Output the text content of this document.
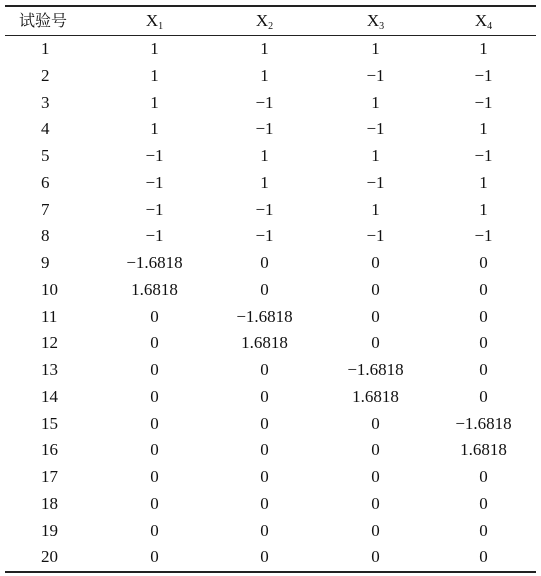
试验号	$X_1$	$X_2$	$X_3$	$X_4$
1	1	1	1	1
2	1	1	−1	−1
3	1	−1	1	−1
4	1	−1	−1	1
5	−1	1	1	−1
6	−1	1	−1	1
7	−1	−1	1	1
8	−1	−1	−1	−1
9	−1.6818	0	0	0
10	1.6818	0	0	0
11	0	−1.6818	0	0
12	0	1.6818	0	0
13	0	0	−1.6818	0
14	0	0	1.6818	0
15	0	0	0	−1.6818
16	0	0	0	1.6818
17	0	0	0	0
18	0	0	0	0
19	0	0	0	0
20	0	0	0	0
